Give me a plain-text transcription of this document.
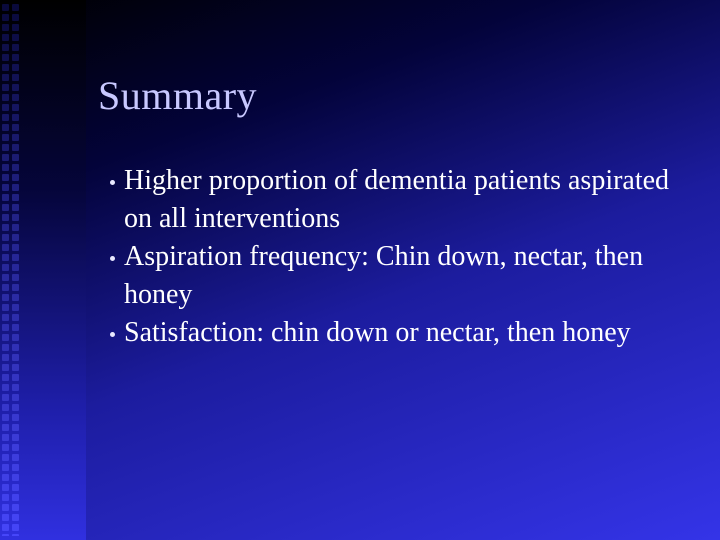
Summary
Higher proportion of dementia patients aspirated on all interventions
Aspiration frequency: Chin down, nectar, then honey
Satisfaction: chin down or nectar, then honey
